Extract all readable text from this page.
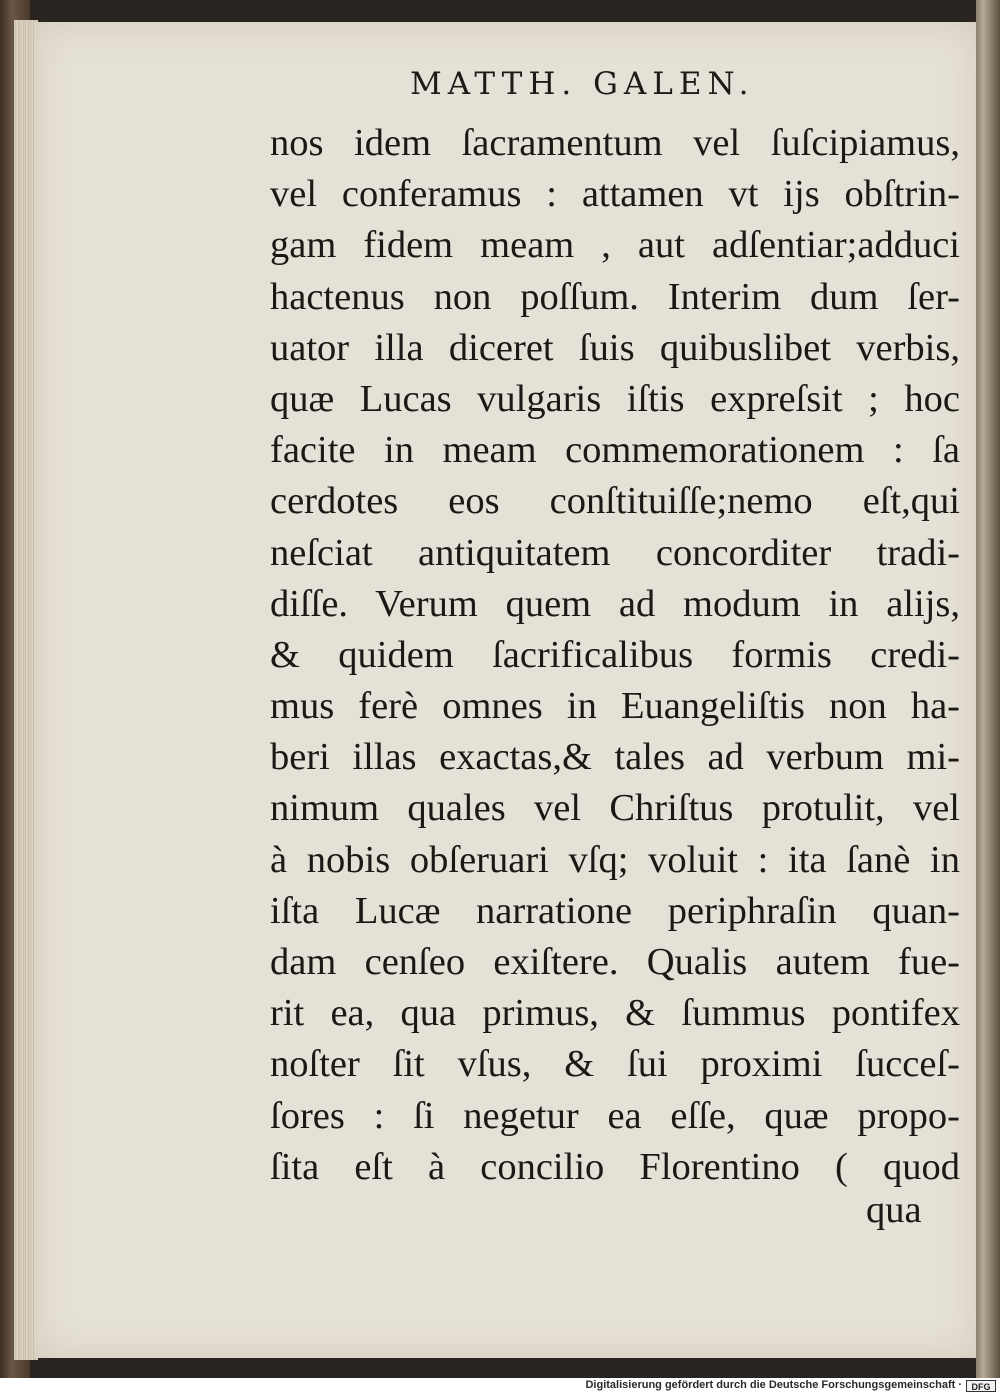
MATTH. GALEN.
nos idem ſacramentum vel ſuſcipiamus,
vel conferamus : attamen vt ijs obſtrin-
gam fidem meam , aut adſentiar;adduci
hactenus non poſſum. Interim dum ſer-
uator illa diceret ſuis quibuslibet verbis,
quæ Lucas vulgaris iſtis expreſsit ; hoc
facite in meam commemorationem : ſa
cerdotes eos conſtituiſſe;nemo eſt,qui
neſciat antiquitatem concorditer tradi-
diſſe. Verum quem ad modum in alijs,
& quidem ſacrificalibus formis credi-
mus ferè omnes in Euangeliſtis non ha-
beri illas exactas,& tales ad verbum mi-
nimum quales vel Chriſtus protulit, vel
à nobis obſeruari vſq; voluit : ita ſanè in
iſta Lucæ narratione periphraſin quan-
dam cenſeo exiſtere. Qualis autem fue-
rit ea, qua primus, & ſummus pontifex
noſter ſit vſus, & ſui proximi ſucceſ-
ſores : ſi negetur ea eſſe, quæ propo-
ſita eſt à concilio Florentino ( quod
qua
Digitalisierung gefördert durch die Deutsche Forschungsgemeinschaft ·	DFG
